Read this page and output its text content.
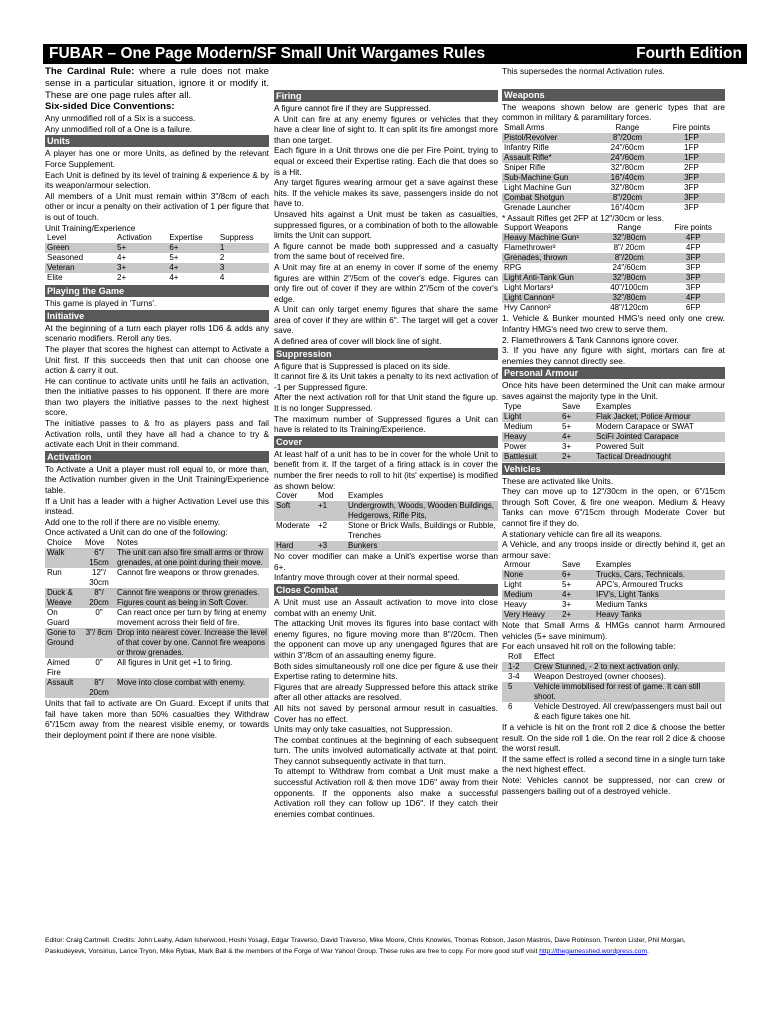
FUBAR – One Page Modern/SF Small Unit Wargames Rules	Fourth Edition

The Cardinal Rule: where a rule does not make sense in a particular situation, ignore it or modify it. These are one page rules after all.

Six-sided Dice Conventions:

Any unmodified roll of a Six is a success.

Any unmodified roll of a One is a failure.

Units

A player has one or more Units, as defined by the relevant Force Supplement.

Each Unit is defined by its level of training & experience & by its weapon/armour selection.

All members of a Unit must remain within 3"/8cm of each other or incur a penalty on their activation of 1 per figure that is out of touch.

Unit Training/Experience
Level	Activation	Expertise	Suppress
Green	5+	6+	1
Seasoned	4+	5+	2
Veteran	3+	4+	3
Elite	2+	4+	4
Playing the Game

This game is played in 'Turns'.

Initiative

At the beginning of a turn each player rolls 1D6 & adds any scenario modifiers. Reroll any ties.

The player that scores the highest can attempt to Activate a Unit first. If this succeeds then that unit can choose one action & carry it out.

He can continue to activate units until he fails an activation, then the initiative passes to his opponent. If there are more than two players the initiative passes to the next highest score.

The initiative passes to & fro as players pass and fail Activation rolls, until they have all had a chance to try & activate each Unit in their command.

Activation

To Activate a Unit a player must roll equal to, or more than, the Activation number given in the Unit Training/Experience table.

If a Unit has a leader with a higher Activation Level use this instead.

Add one to the roll if there are no visible enemy.

Once activated a Unit can do one of the following:

Choice	Move	Notes
Walk	6"/ 15cm	The unit can also fire small arms or throw grenades, at one point during their move.
Run	12"/ 30cm	Cannot fire weapons or throw grenades.
Duck & Weave	8"/ 20cm	Cannot fire weapons or throw grenades. Figures count as being in Soft Cover.
On Guard	0"	Can react once per turn by firing at enemy movement across their field of fire.
Gone to Ground	3"/ 8cm	Drop into nearest cover. Increase the level of that cover by one. Cannot fire weapons or throw grenades.
Aimed Fire	0"	All figures in Unit get +1 to firing.
Assault	8"/ 20cm	Move into close combat with enemy.

Units that fail to activate are On Guard. Except if units that fail have taken more than 50% casualties they Withdraw 6"/15cm away from the nearest visible enemy, or towards their deployment point if there are none visible.

Firing

A figure cannot fire if they are Suppressed.

A Unit can fire at any enemy figures or vehicles that they have a clear line of sight to. It can split its fire amongst more than one target.

Each figure in a Unit throws one die per Fire Point, trying to equal or exceed their Expertise rating. Each die that does so is a Hit.

Any target figures wearing armour get a save against these hits. If the vehicle makes its save, passengers inside do not have to.

Unsaved hits against a Unit must be taken as casualties, suppressed figures, or a combination of both to the allowable limits the Unit can support.

A figure cannot be made both suppressed and a casualty from the same bout of received fire.

A Unit may fire at an enemy in cover if some of the enemy figures are within 2"/5cm of the cover's edge. Figures can only fire out of cover if they are within 2"/5cm of the cover's edge.

A Unit can only target enemy figures that share the same area of cover if they are within 6". The target will get a cover save.

A defined area of cover will block line of sight.

Suppression

A figure that is Suppressed is placed on its side.

It cannot fire & its Unit takes a penalty to its next activation of -1 per Suppressed figure.

After the next activation roll for that Unit stand the figure up. It is no longer Suppressed.

The maximum number of Suppressed figures a Unit can have is related to its Training/Experience.

Cover

At least half of a unit has to be in cover for the whole Unit to benefit from it. If the target of a firing attack is in cover the number the firer needs to roll to hit (its' expertise) is modified as shown below:

Cover	Mod	Examples
Soft	+1	Undergrowth, Woods, Wooden Buildings, Hedgerows, Rifle Pits,
Moderate	+2	Stone or Brick Walls, Buildings or Rubble, Trenches
Hard	+3	Bunkers

No cover modifier can make a Unit's expertise worse than 6+.

Infantry move through cover at their normal speed.

Close Combat

A Unit must use an Assault activation to move into close combat with an enemy Unit.

The attacking Unit moves its figures into base contact with enemy figures, no figure moving more than 8"/20cm. Then the opponent can move up any unengaged figures that are within 3"/8cm of an assaulting enemy figure.

Both sides simultaneously roll one dice per figure & use their Expertise rating to determine hits.

Figures that are already Suppressed before this attack strike after all other attacks are resolved.

All hits not saved by personal armour result in casualties. Cover has no effect.

Units may only take casualties, not Suppression.

The combat continues at the beginning of each subsequent turn. The units involved automatically activate at that point. They cannot subsequently activate in that turn.

To attempt to Withdraw from combat a Unit must make a successful Activation roll & then move 1D6" away from their opponents. If the opponents also make a successful Activation roll they can follow up 1D6". If they catch their enemies combat continues.

This supersedes the normal Activation rules.

Weapons

The weapons shown below are generic types that are common in military & paramilitary forces.

Small Arms	Range	Fire points
Pistol/Revolver	8"/20cm	1FP
Infantry Rifle	24"/60cm	1FP
Assault Rifle*	24"/60cm	1FP
Sniper Rifle	32"/80cm	2FP
Sub-Machine Gun	16"/40cm	3FP
Light Machine Gun	32"/80cm	3FP
Combat Shotgun	8"/20cm	3FP
Grenade Launcher	16"/40cm	3FP

* Assault Rifles get 2FP at 12"/30cm or less.

Support Weapons	Range	Fire points
Heavy Machine Gun¹	32"/80cm	4FP
Flamethrower²	8"/ 20cm	4FP
Grenades, thrown	8"/20cm	3FP
RPG	24"/60cm	3FP
Light Anti-Tank Gun	32"/80cm	3FP
Light Mortars³	40"/100cm	3FP
Light Cannon²	32"/80cm	4FP
Hvy Cannon²	48"/120cm	6FP

1. Vehicle & Bunker mounted HMG's need only one crew. Infantry HMG's need two crew to serve them.

2. Flamethrowers & Tank Cannons ignore cover.

3. If you have any figure with sight, mortars can fire at enemies they cannot directly see.

Personal Armour

Once hits have been determined the Unit can make armour saves against the majority type in the Unit.

Type	Save	Examples
Light	6+	Flak Jacket, Police Armour
Medium	5+	Modern Carapace or SWAT
Heavy	4+	SciFi Jointed Carapace
Power	3+	Powered Suit
Battlesuit	2+	Tactical Dreadnought
Vehicles

These are activated like Units.

They can move up to 12"/30cm in the open, or 6"/15cm through Soft Cover, & fire one weapon. Medium & Heavy Tanks can move 6"/15cm through Moderate Cover but cannot fire if they do.

A stationary vehicle can fire all its weapons.

A Vehicle, and any troops inside or directly behind it, get an armour save:

Armour	Save	Examples
None	6+	Trucks, Cars, Technicals.
Light	5+	APC's, Armoured Trucks
Medium	4+	IFV's, Light Tanks
Heavy	3+	Medium Tanks
Very Heavy	2+	Heavy Tanks

Note that Small Arms & HMGs cannot harm Armoured vehicles (5+ save minimum).

For each unsaved hit roll on the following table:

Roll	Effect
1-2	Crew Stunned, - 2 to next activation only.
3-4	Weapon Destroyed (owner chooses).
5	Vehicle immobilised for rest of game. It can still shoot.
6	Vehicle Destroyed. All crew/passengers must bail out & each figure takes one hit.

If a vehicle is hit on the front roll 2 dice & choose the better result. On the side roll 1 die. On the rear roll 2 dice & choose the worst result.

If the same effect is rolled a second time in a single turn take the next highest effect.

Note: Vehicles cannot be suppressed, nor can crew or passengers bailing out of a destroyed vehicle.

Editor: Craig Cartmell. Credits: John Leahy, Adam Isherwood, Hoshi Yosagi, Edgar Traverso, David Traverso, Mike Moore, Chris Knowles, Thomas Robson, Jason Mastros, Dave Robinson, Trenton Lister, Phil Morgan, Paskudeyevk, Vonsirius, Lance Tryon, Mike Rybak, Mark Ball & the members of the Forge of War Yahoo! Group. These rules are free to copy. For more good stuff visit http://thegamesshed.wordpress.com.
